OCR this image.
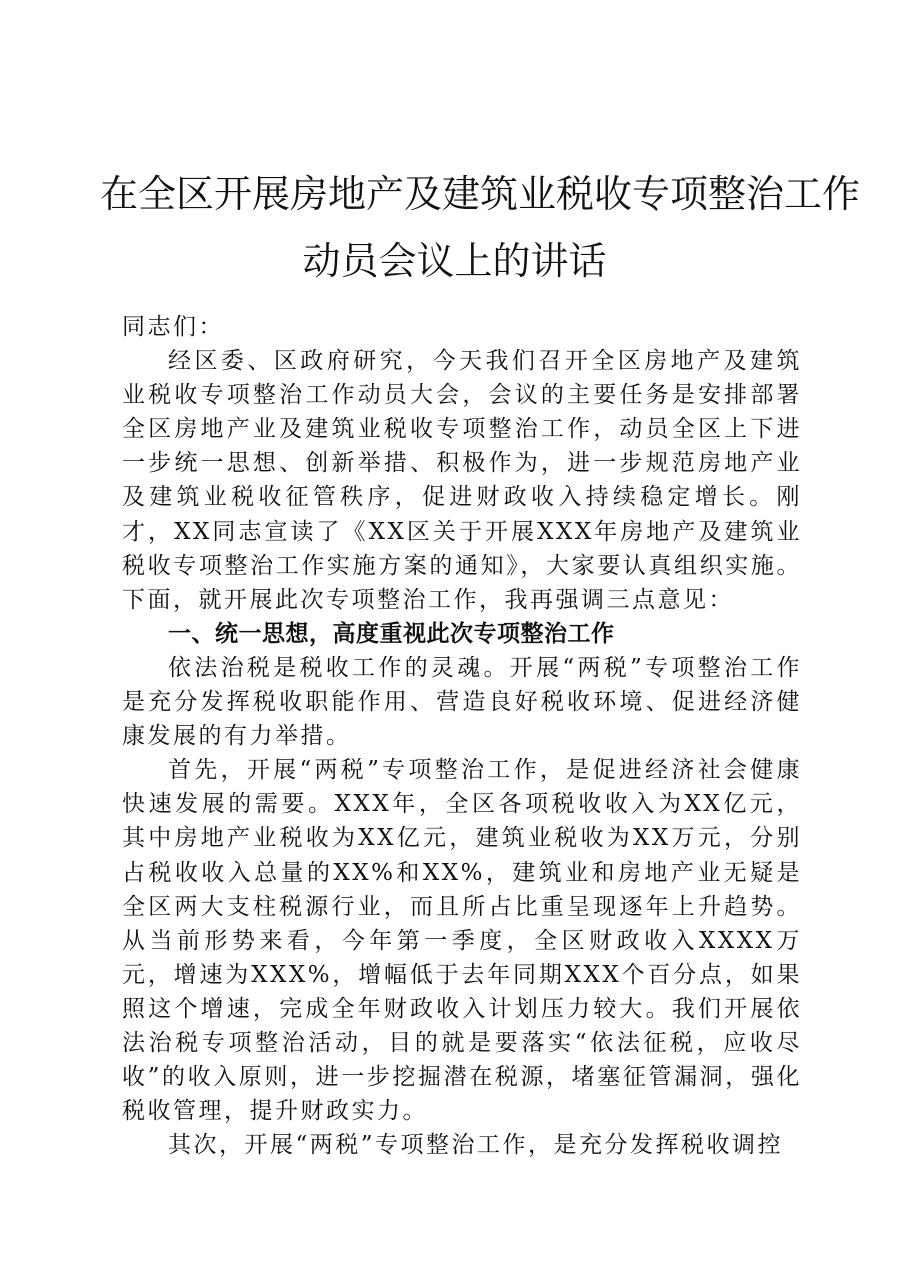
在全区开展房地产及建筑业税收专项整治工作
动员会议上的讲话

同志们：

经区委、区政府研究，今天我们召开全区房地产及建筑业税收专项整治工作动员大会，会议的主要任务是安排部署全区房地产业及建筑业税收专项整治工作，动员全区上下进一步统一思想、创新举措、积极作为，进一步规范房地产业及建筑业税收征管秩序，促进财政收入持续稳定增长。刚才，XX同志宣读了《XX区关于开展XXX年房地产及建筑业税收专项整治工作实施方案的通知》，大家要认真组织实施。下面，就开展此次专项整治工作，我再强调三点意见：

一、统一思想，高度重视此次专项整治工作

依法治税是税收工作的灵魂。开展“两税”专项整治工作是充分发挥税收职能作用、营造良好税收环境、促进经济健康发展的有力举措。

首先，开展“两税”专项整治工作，是促进经济社会健康快速发展的需要。XXX年，全区各项税收收入为XX亿元，其中房地产业税收为XX亿元，建筑业税收为XX万元，分别占税收收入总量的XX%和XX%，建筑业和房地产业无疑是全区两大支柱税源行业，而且所占比重呈现逐年上升趋势。从当前形势来看，今年第一季度，全区财政收入XXXX万元，增速为XXX%，增幅低于去年同期XXX个百分点，如果照这个增速，完成全年财政收入计划压力较大。我们开展依法治税专项整治活动，目的就是要落实“依法征税，应收尽收”的收入原则，进一步挖掘潜在税源，堵塞征管漏洞，强化税收管理，提升财政实力。

其次，开展“两税”专项整治工作，是充分发挥税收调控
